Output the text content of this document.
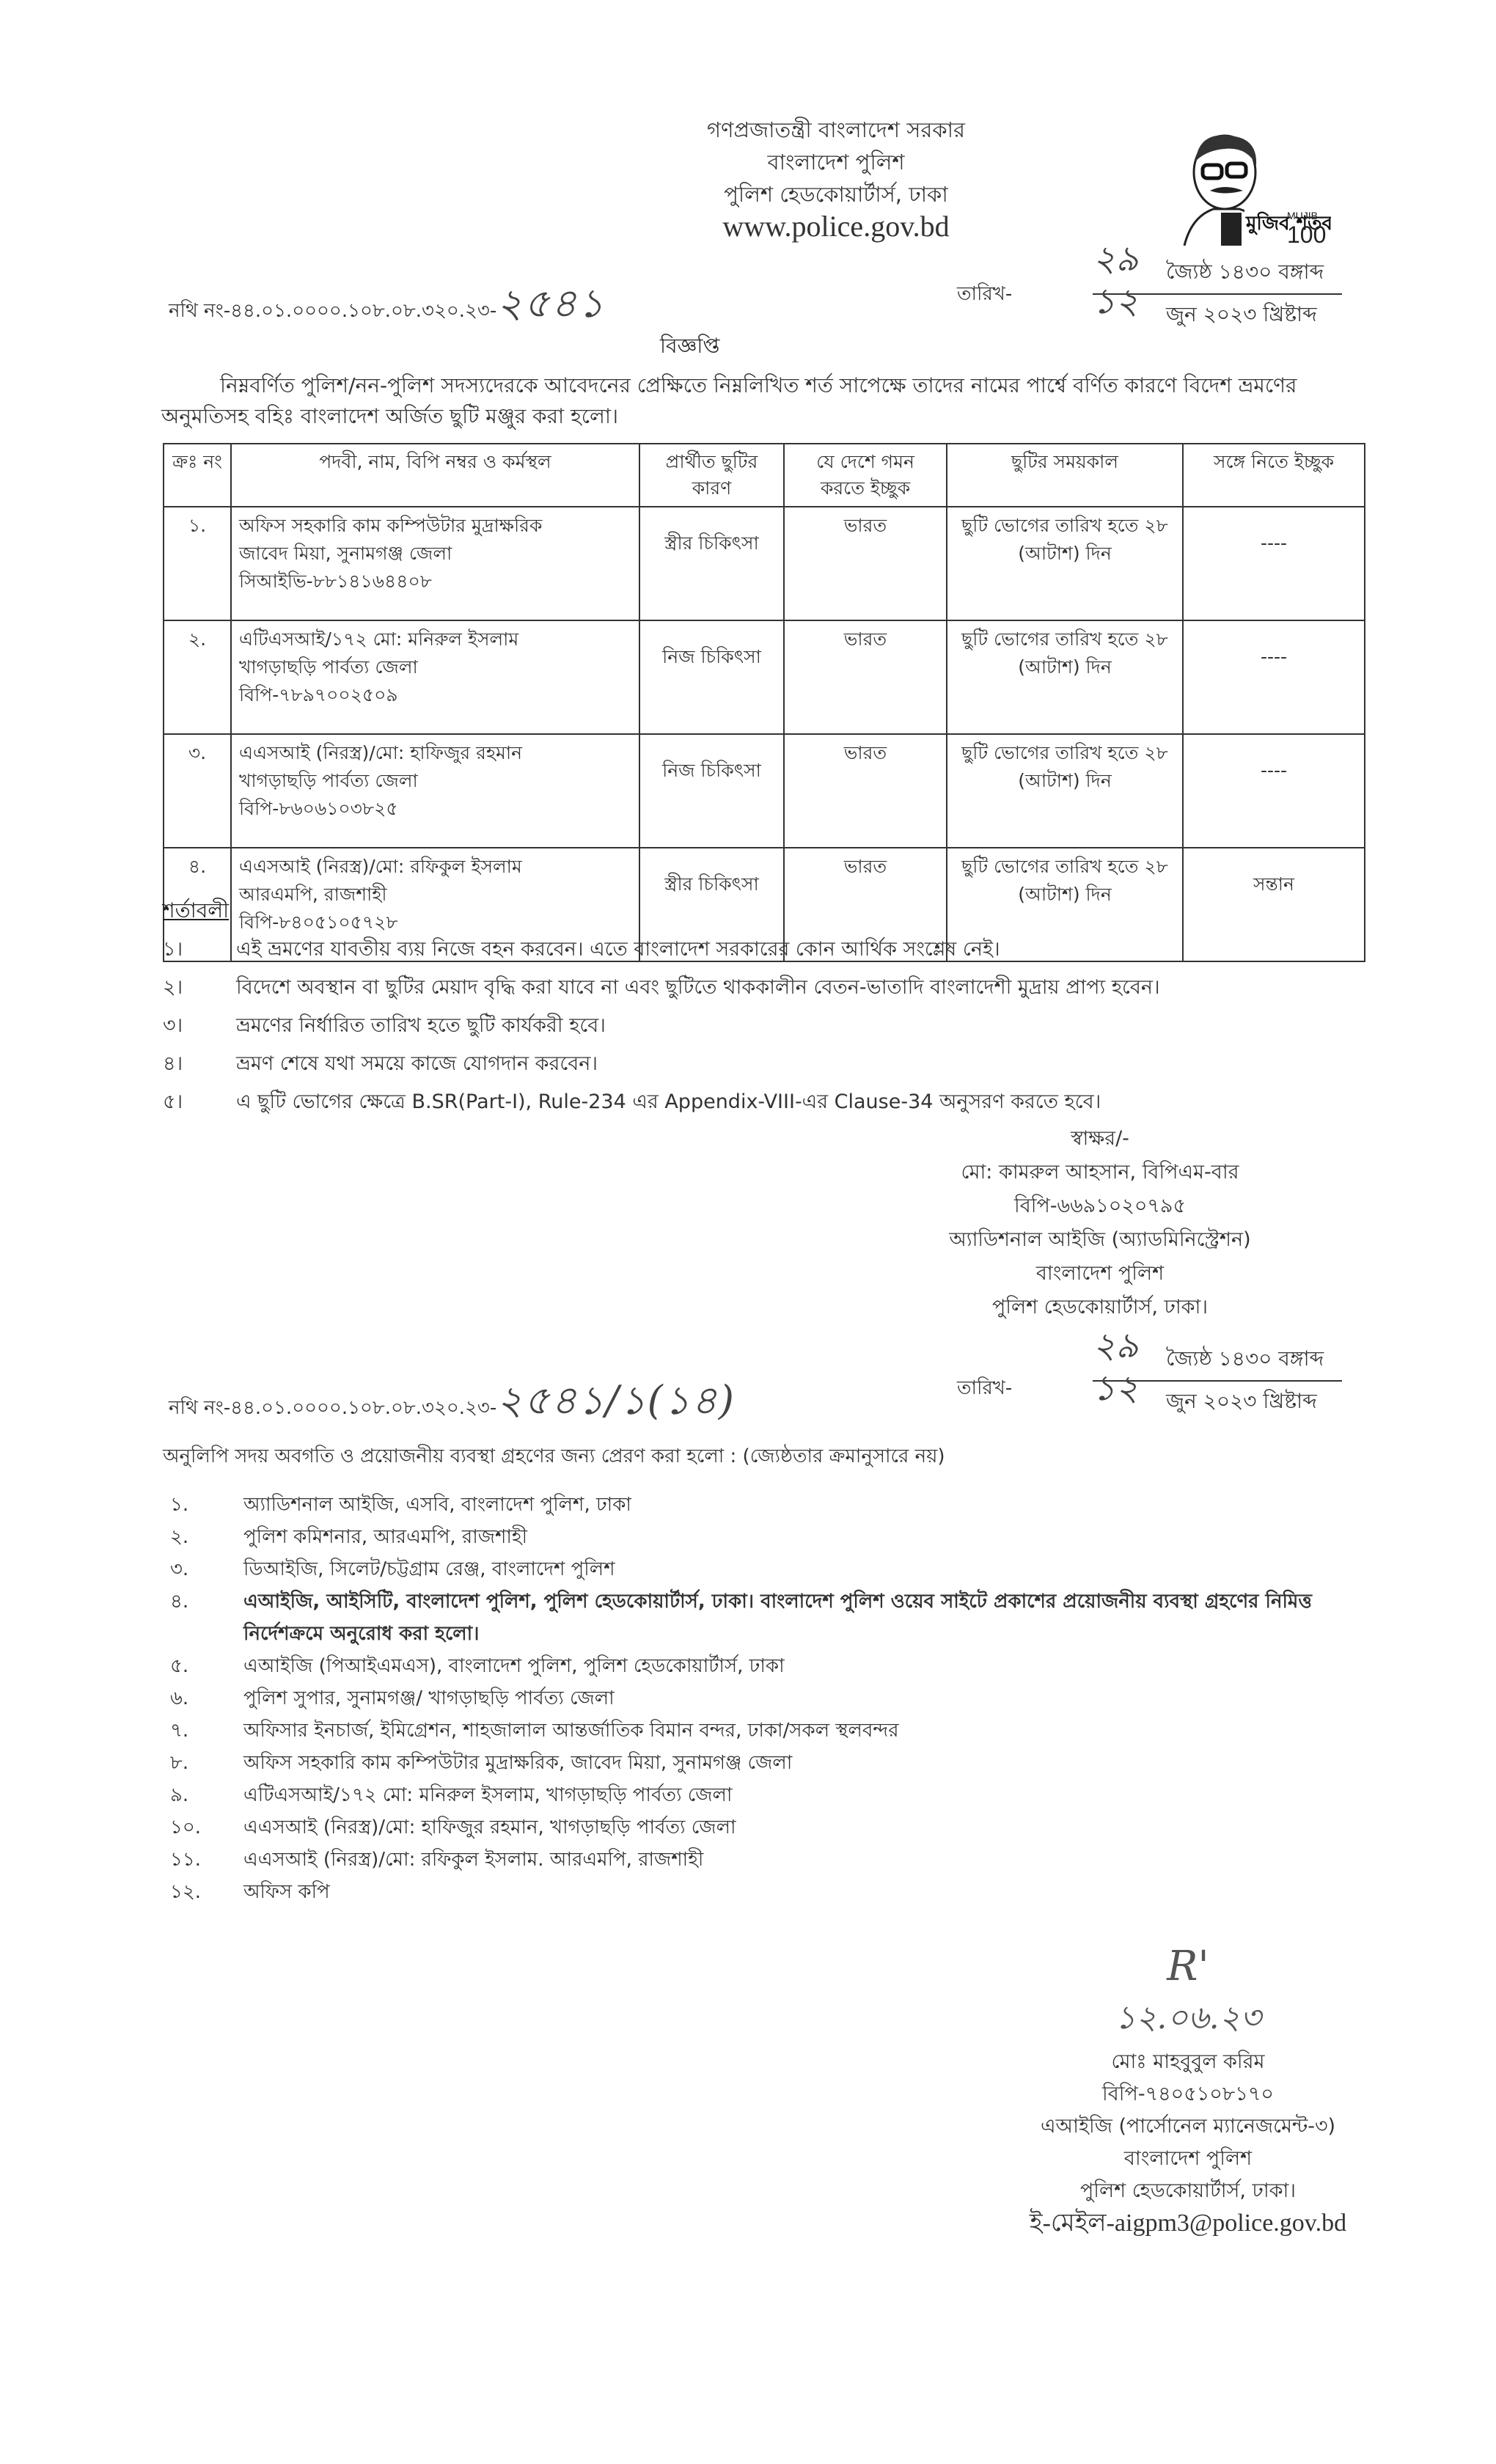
গণপ্রজাতন্ত্রী বাংলাদেশ সরকার
বাংলাদেশ পুলিশ
পুলিশ হেডকোয়ার্টার্স, ঢাকা
www.police.gov.bd	মুজিব শতব
MUJIB
100
নথি নং-৪৪.০১.০০০০.১০৮.০৮.৩২০.২৩-২৫৪১	তারিখ-
২৯	জ্যৈষ্ঠ ১৪৩০ বঙ্গাব্দ
১২	জুন ২০২৩ খ্রিষ্টাব্দ
বিজ্ঞপ্তি
নিম্নবর্ণিত পুলিশ/নন-পুলিশ সদস্যদেরকে আবেদনের প্রেক্ষিতে নিম্নলিখিত শর্ত সাপেক্ষে তাদের নামের পার্শ্বে বর্ণিত কারণে বিদেশ ভ্রমণের অনুমতিসহ বহিঃ বাংলাদেশ অর্জিত ছুটি মঞ্জুর করা হলো।
ক্রঃ নং	পদবী, নাম, বিপি নম্বর ও কর্মস্থল	প্রার্থীত ছুটির কারণ	যে দেশে গমন করতে ইচ্ছুক	ছুটির সময়কাল	সঙ্গে নিতে ইচ্ছুক
১.	অফিস সহকারি কাম কম্পিউটার মুদ্রাক্ষরিক
জাবেদ মিয়া, সুনামগঞ্জ জেলা
সিআইভি-৮৮১৪১৬৪৪০৮	স্ত্রীর চিকিৎসা	ভারত	ছুটি ভোগের তারিখ হতে ২৮ (আটাশ) দিন	----
২.	এটিএসআই/১৭২ মো: মনিরুল ইসলাম
খাগড়াছড়ি পার্বত্য জেলা
বিপি-৭৮৯৭০০২৫০৯	নিজ চিকিৎসা	ভারত	ছুটি ভোগের তারিখ হতে ২৮ (আটাশ) দিন	----
৩.	এএসআই (নিরস্ত্র)/মো: হাফিজুর রহমান
খাগড়াছড়ি পার্বত্য জেলা
বিপি-৮৬০৬১০৩৮২৫	নিজ চিকিৎসা	ভারত	ছুটি ভোগের তারিখ হতে ২৮ (আটাশ) দিন	----
৪.	এএসআই (নিরস্ত্র)/মো: রফিকুল ইসলাম
আরএমপি, রাজশাহী
বিপি-৮৪০৫১০৫৭২৮	স্ত্রীর চিকিৎসা	ভারত	ছুটি ভোগের তারিখ হতে ২৮ (আটাশ) দিন	সন্তান
শর্তাবলী
১।	এই ভ্রমণের যাবতীয় ব্যয় নিজে বহন করবেন। এতে বাংলাদেশ সরকারের কোন আর্থিক সংশ্লেষ নেই।
২।	বিদেশে অবস্থান বা ছুটির মেয়াদ বৃদ্ধি করা যাবে না এবং ছুটিতে থাককালীন বেতন-ভাতাদি বাংলাদেশী মুদ্রায় প্রাপ্য হবেন।
৩।	ভ্রমণের নির্ধারিত তারিখ হতে ছুটি কার্যকরী হবে।
৪।	ভ্রমণ শেষে যথা সময়ে কাজে যোগদান করবেন।
৫।	এ ছুটি ভোগের ক্ষেত্রে B.SR(Part-I), Rule-234 এর Appendix-VIII-এর Clause-34 অনুসরণ করতে হবে।
স্বাক্ষর/-
মো: কামরুল আহসান, বিপিএম-বার
বিপি-৬৬৯১০২০৭৯৫
অ্যাডিশনাল আইজি (অ্যাডমিনিস্ট্রেশন)
বাংলাদেশ পুলিশ
পুলিশ হেডকোয়ার্টার্স, ঢাকা।
নথি নং-৪৪.০১.০০০০.১০৮.০৮.৩২০.২৩-২৫৪১/১(১৪)	তারিখ-
২৯	জ্যৈষ্ঠ ১৪৩০ বঙ্গাব্দ
১২	জুন ২০২৩ খ্রিষ্টাব্দ
অনুলিপি সদয় অবগতি ও প্রয়োজনীয় ব্যবস্থা গ্রহণের জন্য প্রেরণ করা হলো : (জ্যেষ্ঠতার ক্রমানুসারে নয়)
১.	অ্যাডিশনাল আইজি, এসবি, বাংলাদেশ পুলিশ, ঢাকা
২.	পুলিশ কমিশনার, আরএমপি, রাজশাহী
৩.	ডিআইজি, সিলেট/চট্টগ্রাম রেঞ্জ, বাংলাদেশ পুলিশ
৪.	এআইজি, আইসিটি, বাংলাদেশ পুলিশ, পুলিশ হেডকোয়ার্টার্স, ঢাকা। বাংলাদেশ পুলিশ ওয়েব সাইটে প্রকাশের প্রয়োজনীয় ব্যবস্থা গ্রহণের নিমিত্ত নির্দেশক্রমে অনুরোধ করা হলো।
৫.	এআইজি (পিআইএমএস), বাংলাদেশ পুলিশ, পুলিশ হেডকোয়ার্টার্স, ঢাকা
৬.	পুলিশ সুপার, সুনামগঞ্জ/ খাগড়াছড়ি পার্বত্য জেলা
৭.	অফিসার ইনচার্জ, ইমিগ্রেশন, শাহজালাল আন্তর্জাতিক বিমান বন্দর, ঢাকা/সকল স্থলবন্দর
৮.	অফিস সহকারি কাম কম্পিউটার মুদ্রাক্ষরিক, জাবেদ মিয়া, সুনামগঞ্জ জেলা
৯.	এটিএসআই/১৭২ মো: মনিরুল ইসলাম, খাগড়াছড়ি পার্বত্য জেলা
১০.	এএসআই (নিরস্ত্র)/মো: হাফিজুর রহমান, খাগড়াছড়ি পার্বত্য জেলা
১১.	এএসআই (নিরস্ত্র)/মো: রফিকুল ইসলাম. আরএমপি, রাজশাহী
১২.	অফিস কপি
R'
১২.০৬.২৩
মোঃ মাহবুবুল করিম
বিপি-৭৪০৫১০৮১৭০
এআইজি (পার্সোনেল ম্যানেজমেন্ট-৩)
বাংলাদেশ পুলিশ
পুলিশ হেডকোয়ার্টার্স, ঢাকা।
ই-মেইল-aigpm3@police.gov.bd
